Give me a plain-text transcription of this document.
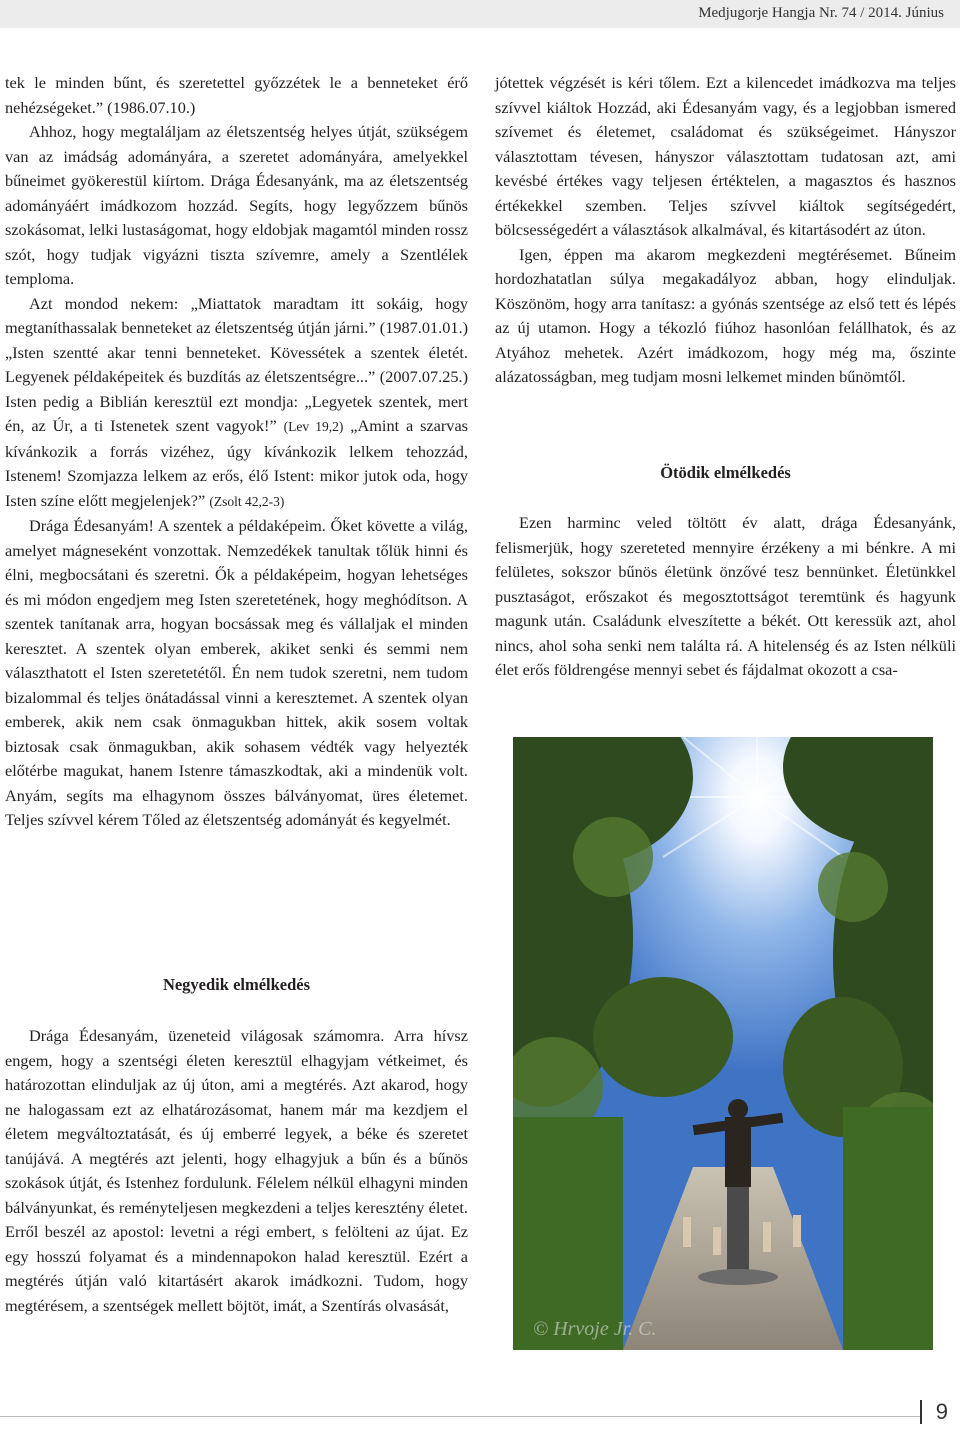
Medjugorje Hangja Nr. 74 / 2014. Június

tek le minden bűnt, és szeretettel győzzétek le a benneteket érő nehézségeket.” (1986.07.10.)

Ahhoz, hogy megtaláljam az életszentség helyes útját, szükségem van az imádság adományára, a szeretet adományára, amelyekkel bűneimet gyökerestül kiírtom. Drága Édesanyánk, ma az életszentség adományáért imádkozom hozzád. Segíts, hogy legyőzzem bűnös szokásomat, lelki lustaságomat, hogy eldobjak magamtól minden rossz szót, hogy tudjak vigyázni tiszta szívemre, amely a Szentlélek temploma.

Azt mondod nekem: „Miattatok maradtam itt sokáig, hogy megtaníthassalak benneteket az életszentség útján járni.” (1987.01.01.) „Isten szentté akar tenni benneteket. Kövessétek a szentek életét. Legyenek példaképeitek és buzdítás az életszentségre...” (2007.07.25.) Isten pedig a Biblián keresztül ezt mondja: „Legyetek szentek, mert én, az Úr, a ti Istenetek szent vagyok!” (Lev 19,2) „Amint a szarvas kívánkozik a forrás vizéhez, úgy kívánkozik lelkem tehozzád, Istenem! Szomjazza lelkem az erős, élő Istent: mikor jutok oda, hogy Isten színe előtt megjelenjek?” (Zsolt 42,2-3)

Drága Édesanyám! A szentek a példaképeim. Őket követte a világ, amelyet mágneseként vonzottak. Nemzedékek tanultak tőlük hinni és élni, megbocsátani és szeretni. Ők a példaképeim, hogyan lehetséges és mi módon engedjem meg Isten szeretetének, hogy meghódítson. A szentek tanítanak arra, hogyan bocsássak meg és vállaljak el minden keresztet. A szentek olyan emberek, akiket senki és semmi nem választhatott el Isten szeretetétől. Én nem tudok szeretni, nem tudom bizalommal és teljes önátadással vinni a keresztemet. A szentek olyan emberek, akik nem csak önmagukban hittek, akik sosem voltak biztosak csak önmagukban, akik sohasem védték vagy helyezték előtérbe magukat, hanem Istenre támaszkodtak, aki a mindenük volt. Anyám, segíts ma elhagynom összes bálványomat, üres életemet. Teljes szívvel kérem Tőled az életszentség adományát és kegyelmét.

Negyedik elmélkedés

Drága Édesanyám, üzeneteid világosak számomra. Arra hívsz engem, hogy a szentségi életen keresztül elhagyjam vétkeimet, és határozottan elinduljak az új úton, ami a megtérés. Azt akarod, hogy ne halogassam ezt az elhatározásomat, hanem már ma kezdjem el életem megváltoztatását, és új emberré legyek, a béke és szeretet tanújává. A megtérés azt jelenti, hogy elhagyjuk a bűn és a bűnös szokások útját, és Istenhez fordulunk. Félelem nélkül elhagyni minden bálványunkat, és reményteljesen megkezdeni a teljes keresztény életet. Erről beszél az apostol: levetni a régi embert, s felölteni az újat. Ez egy hosszú folyamat és a mindennapokon halad keresztül. Ezért a megtérés útján való kitartásért akarok imádkozni. Tudom, hogy megtérésem, a szentségek mellett böjtöt, imát, a Szentírás olvasását,

jótettek végzését is kéri tőlem. Ezt a kilencedet imádkozva ma teljes szívvel kiáltok Hozzád, aki Édesanyám vagy, és a legjobban ismered szívemet és életemet, családomat és szükségeimet. Hányszor választottam tévesen, hányszor választottam tudatosan azt, ami kevésbé értékes vagy teljesen értéktelen, a magasztos és hasznos értékekkel szemben. Teljes szívvel kiáltok segítségedért, bölcsességedért a választások alkalmával, és kitartásodért az úton.

Igen, éppen ma akarom megkezdeni megtérésemet. Bűneim hordozhatatlan súlya megakadályoz abban, hogy elinduljak. Köszönöm, hogy arra tanítasz: a gyónás szentsége az első tett és lépés az új utamon. Hogy a tékozló fiúhoz hasonlóan felállhatok, és az Atyához mehetek. Azért imádkozom, hogy még ma, őszinte alázatosságban, meg tudjam mosni lelkemet minden bűnömtől.

Ötödik elmélkedés

Ezen harminc veled töltött év alatt, drága Édesanyánk, felismerjük, hogy szereteted mennyire érzékeny a mi bénkre. A mi felületes, sokszor bűnös életünk önzővé tesz bennünket. Életünkkel pusztaságot, erőszakot és megosztottságot teremtünk és hagyunk magunk után. Családunk elveszítette a békét. Ott keressük azt, ahol nincs, ahol soha senki nem találta rá. A hitelenség és az Isten nélküli élet erős földrengése mennyi sebet és fájdalmat okozott a csa-

© Hrvoje Jr. C.
9
